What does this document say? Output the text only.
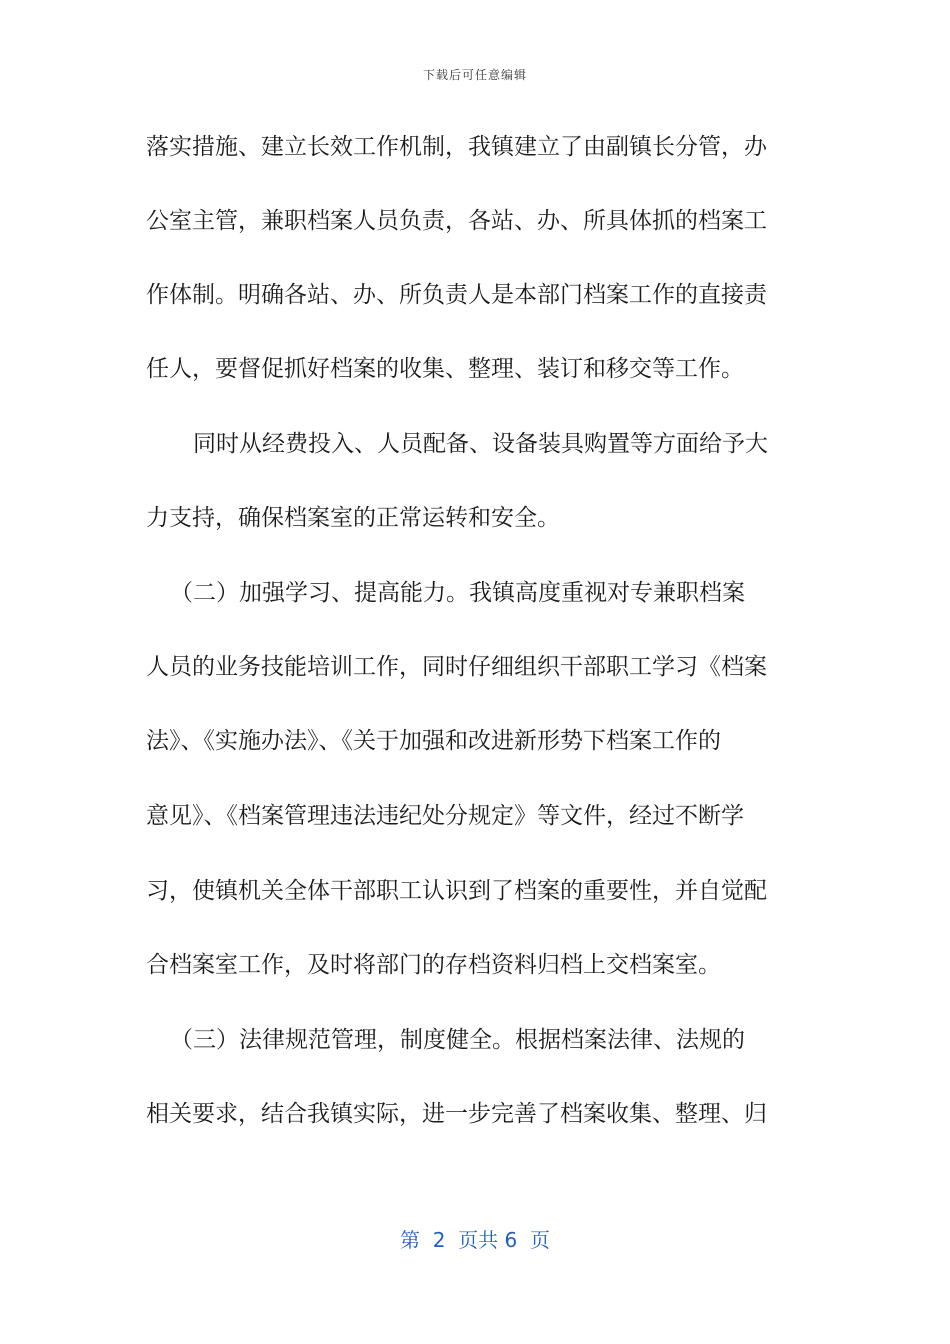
下载后可任意编辑
落实措施、建立长效工作机制，我镇建立了由副镇长分管，办
公室主管，兼职档案人员负责，各站、办、所具体抓的档案工
作体制。明确各站、办、所负责人是本部门档案工作的直接责
任人，要督促抓好档案的收集、整理、装订和移交等工作。
同时从经费投入、人员配备、设备装具购置等方面给予大
力支持，确保档案室的正常运转和安全。
（二）加强学习、提高能力。我镇高度重视对专兼职档案
人员的业务技能培训工作，同时仔细组织干部职工学习《档案
法》、《实施办法》、《关于加强和改进新形势下档案工作的
意见》、《档案管理违法违纪处分规定》等文件，经过不断学
习，使镇机关全体干部职工认识到了档案的重要性，并自觉配
合档案室工作，及时将部门的存档资料归档上交档案室。
（三）法律规范管理，制度健全。根据档案法律、法规的
相关要求，结合我镇实际，进一步完善了档案收集、整理、归
第  2  页共 6  页
